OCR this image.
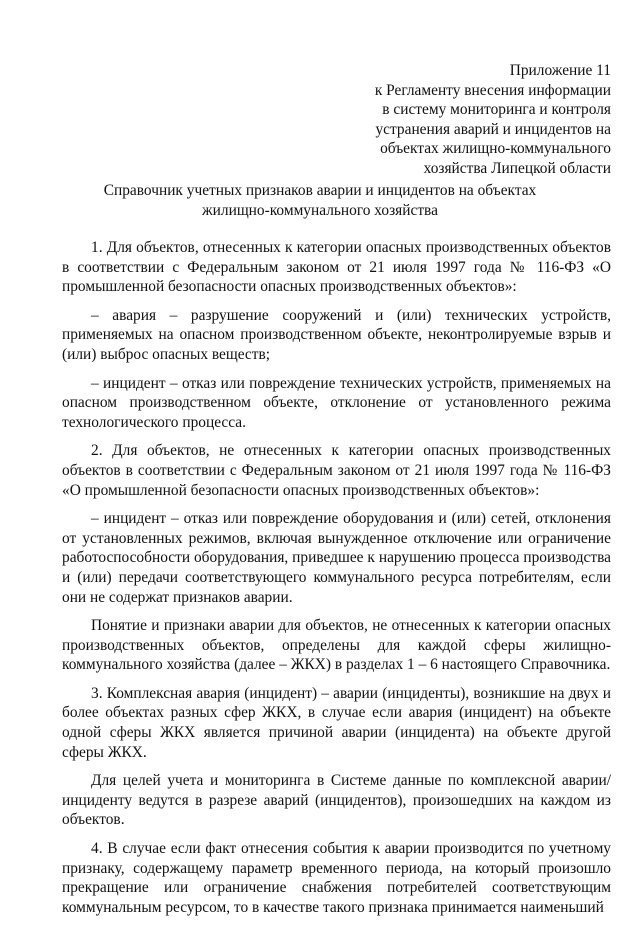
Приложение 11
к Регламенту внесения информации
в систему мониторинга и контроля
устранения аварий и инцидентов на
объектах жилищно-коммунального
хозяйства Липецкой области
Справочник учетных признаков аварии и инцидентов на объектах
жилищно-коммунального хозяйства

1. Для объектов, отнесенных к категории опасных производственных объектов в соответствии с Федеральным законом от 21 июля 1997 года № 116-ФЗ «О промышленной безопасности опасных производственных объектов»:

– авария – разрушение сооружений и (или) технических устройств, применяемых на опасном производственном объекте, неконтролируемые взрыв и (или) выброс опасных веществ;

– инцидент – отказ или повреждение технических устройств, применяемых на опасном производственном объекте, отклонение от установленного режима технологического процесса.

2. Для объектов, не отнесенных к категории опасных производственных объектов в соответствии с Федеральным законом от 21 июля 1997 года № 116-ФЗ «О промышленной безопасности опасных производственных объектов»:

– инцидент – отказ или повреждение оборудования и (или) сетей, отклонения от установленных режимов, включая вынужденное отключение или ограничение работоспособности оборудования, приведшее к нарушению процесса производства и (или) передачи соответствующего коммунального ресурса потребителям, если они не содержат признаков аварии.

Понятие и признаки аварии для объектов, не отнесенных к категории опасных производственных объектов, определены для каждой сферы жилищно-коммунального хозяйства (далее – ЖКХ) в разделах 1 – 6 настоящего Справочника.

3. Комплексная авария (инцидент) – аварии (инциденты), возникшие на двух и более объектах разных сфер ЖКХ, в случае если авария (инцидент) на объекте одной сферы ЖКХ является причиной аварии (инцидента) на объекте другой сферы ЖКХ.

Для целей учета и мониторинга в Системе данные по комплексной аварии/инциденту ведутся в разрезе аварий (инцидентов), произошедших на каждом из объектов.

4. В случае если факт отнесения события к аварии производится по учетному признаку, содержащему параметр временного периода, на который произошло прекращение или ограничение снабжения потребителей соответствующим коммунальным ресурсом, то в качестве такого признака принимается наименьший
